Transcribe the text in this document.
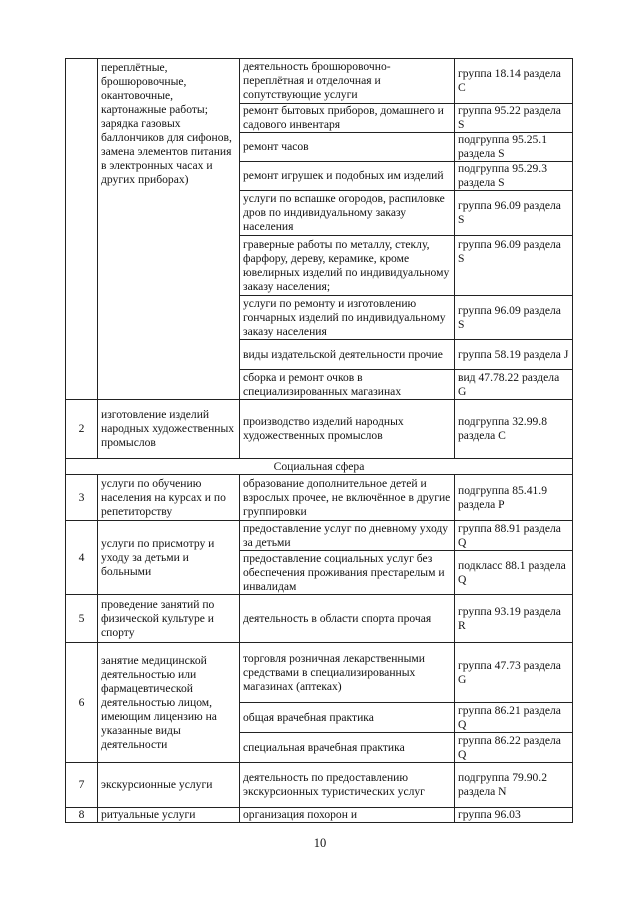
	переплётные, брошюровочные, окантовочные, картонажные работы; зарядка газовых баллончиков для сифонов, замена элементов питания в электронных часах и других приборах)	деятельность брошюровочно-переплётная и отделочная и сопутствующие услуги	группа 18.14 раздела С
		ремонт бытовых приборов, домашнего и садового инвентаря	группа 95.22 раздела S
		ремонт часов	подгруппа 95.25.1 раздела S
		ремонт игрушек и подобных им изделий	подгруппа 95.29.3 раздела S
		услуги по вспашке огородов, распиловке дров по индивидуальному заказу населения	группа 96.09 раздела S
		граверные работы по металлу, стеклу, фарфору, дереву, керамике, кроме ювелирных изделий по индивидуальному заказу населения;	группа 96.09 раздела S
		услуги по ремонту и изготовлению гончарных изделий по индивидуальному заказу населения	группа 96.09 раздела S
		виды издательской деятельности прочие	группа 58.19 раздела J
		сборка и ремонт очков в специализированных магазинах	вид 47.78.22 раздела G
2	изготовление изделий народных художественных промыслов	производство изделий народных художественных промыслов	подгруппа 32.99.8 раздела С
Социальная сфера			
3	услуги по обучению населения на курсах и по репетиторству	образование дополнительное детей и взрослых прочее, не включённое в другие группировки	подгруппа 85.41.9 раздела Р
4	услуги по присмотру и уходу за детьми и больными	предоставление услуг по дневному уходу за детьми	группа 88.91 раздела Q
		предоставление социальных услуг без обеспечения проживания престарелым и инвалидам	подкласс 88.1 раздела Q
5	проведение занятий по физической культуре и спорту	деятельность в области спорта прочая	группа 93.19 раздела R
6	занятие медицинской деятельностью или фармацевтической деятельностью лицом, имеющим лицензию на указанные виды деятельности	торговля розничная лекарственными средствами в специализированных магазинах (аптеках)	группа 47.73 раздела G
		общая врачебная практика	группа 86.21 раздела Q
		специальная врачебная практика	группа 86.22 раздела Q
7	экскурсионные услуги	деятельность по предоставлению экскурсионных туристических услуг	подгруппа 79.90.2 раздела N
8	ритуальные услуги	организация похорон и	группа 96.03
10
